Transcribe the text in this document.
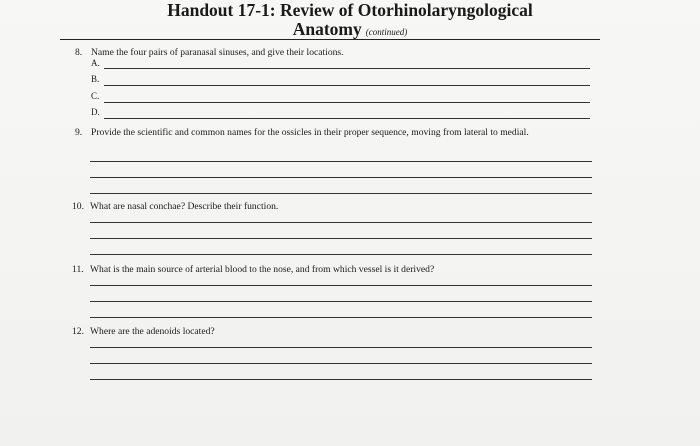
Handout 17-1: Review of Otorhinolaryngological
Anatomy (continued)
8. Name the four pairs of paranasal sinuses, and give their locations.
A.
B.
C.
D.
9. Provide the scientific and common names for the ossicles in their proper sequence, moving from lateral to medial.
10. What are nasal conchae? Describe their function.
11. What is the main source of arterial blood to the nose, and from which vessel is it derived?
12. Where are the adenoids located?
